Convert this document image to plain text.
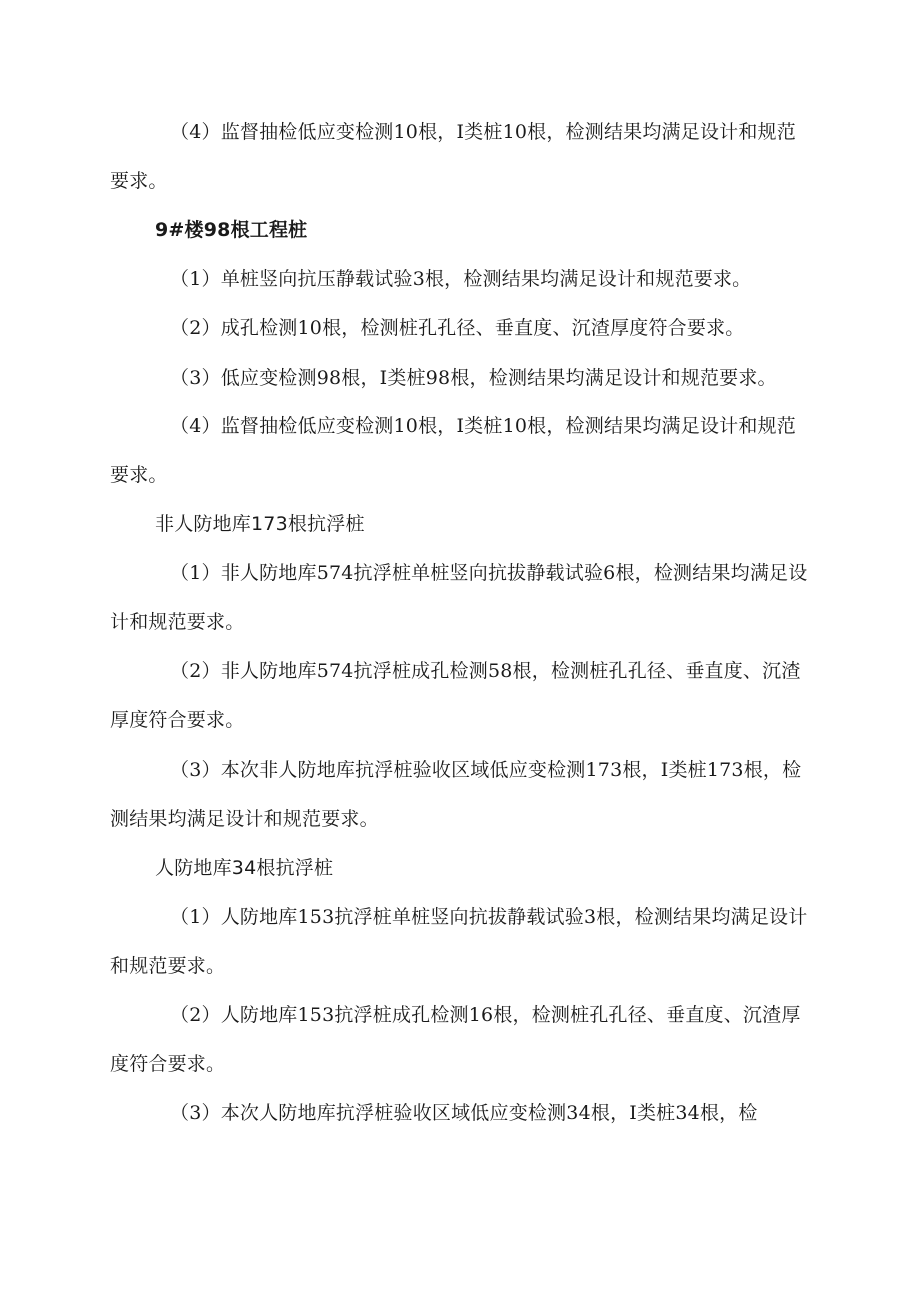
（4）监督抽检低应变检测10根，I类桩10根，检测结果均满足设计和规范
要求。
9#楼98根工程桩
（1）单桩竖向抗压静载试验3根，检测结果均满足设计和规范要求。
（2）成孔检测10根，检测桩孔孔径、垂直度、沉渣厚度符合要求。
（3）低应变检测98根，I类桩98根，检测结果均满足设计和规范要求。
（4）监督抽检低应变检测10根，I类桩10根，检测结果均满足设计和规范
要求。
非人防地库173根抗浮桩
（1）非人防地库574抗浮桩单桩竖向抗拔静载试验6根，检测结果均满足设
计和规范要求。
（2）非人防地库574抗浮桩成孔检测58根，检测桩孔孔径、垂直度、沉渣
厚度符合要求。
（3）本次非人防地库抗浮桩验收区域低应变检测173根，I类桩173根，检
测结果均满足设计和规范要求。
人防地库34根抗浮桩
（1）人防地库153抗浮桩单桩竖向抗拔静载试验3根，检测结果均满足设计
和规范要求。
（2）人防地库153抗浮桩成孔检测16根，检测桩孔孔径、垂直度、沉渣厚
度符合要求。
（3）本次人防地库抗浮桩验收区域低应变检测34根，I类桩34根，检
